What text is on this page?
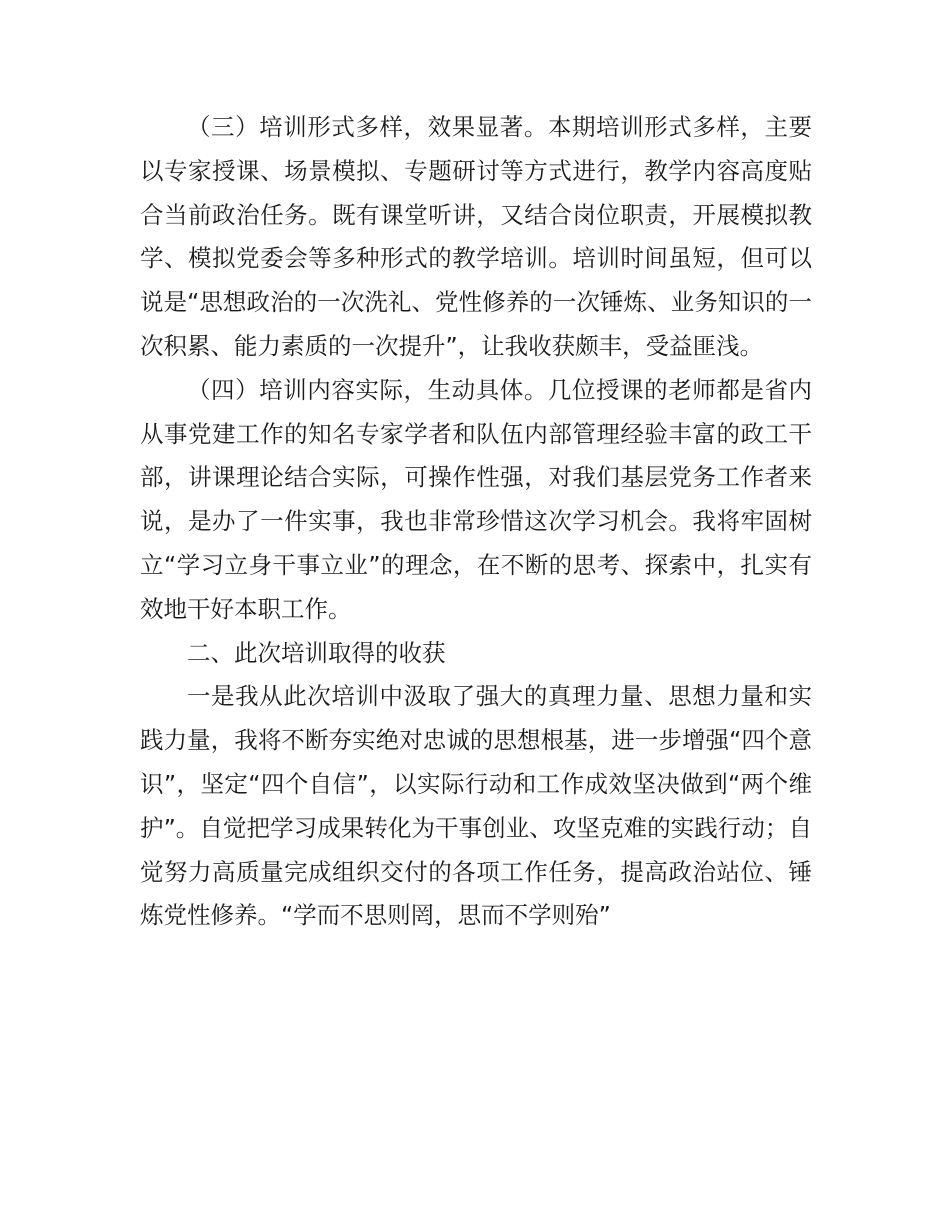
（三）培训形式多样，效果显著。本期培训形式多样，主要以专家授课、场景模拟、专题研讨等方式进行，教学内容高度贴合当前政治任务。既有课堂听讲，又结合岗位职责，开展模拟教学、模拟党委会等多种形式的教学培训。培训时间虽短，但可以说是“思想政治的一次洗礼、党性修养的一次锤炼、业务知识的一次积累、能力素质的一次提升”，让我收获颇丰，受益匪浅。

（四）培训内容实际，生动具体。几位授课的老师都是省内从事党建工作的知名专家学者和队伍内部管理经验丰富的政工干部，讲课理论结合实际，可操作性强，对我们基层党务工作者来说，是办了一件实事，我也非常珍惜这次学习机会。我将牢固树立“学习立身干事立业”的理念，在不断的思考、探索中，扎实有效地干好本职工作。

二、此次培训取得的收获

一是我从此次培训中汲取了强大的真理力量、思想力量和实践力量，我将不断夯实绝对忠诚的思想根基，进一步增强“四个意识”，坚定“四个自信”，以实际行动和工作成效坚决做到“两个维护”。自觉把学习成果转化为干事创业、攻坚克难的实践行动；自觉努力高质量完成组织交付的各项工作任务，提高政治站位、锤炼党性修养。“学而不思则罔，思而不学则殆”
